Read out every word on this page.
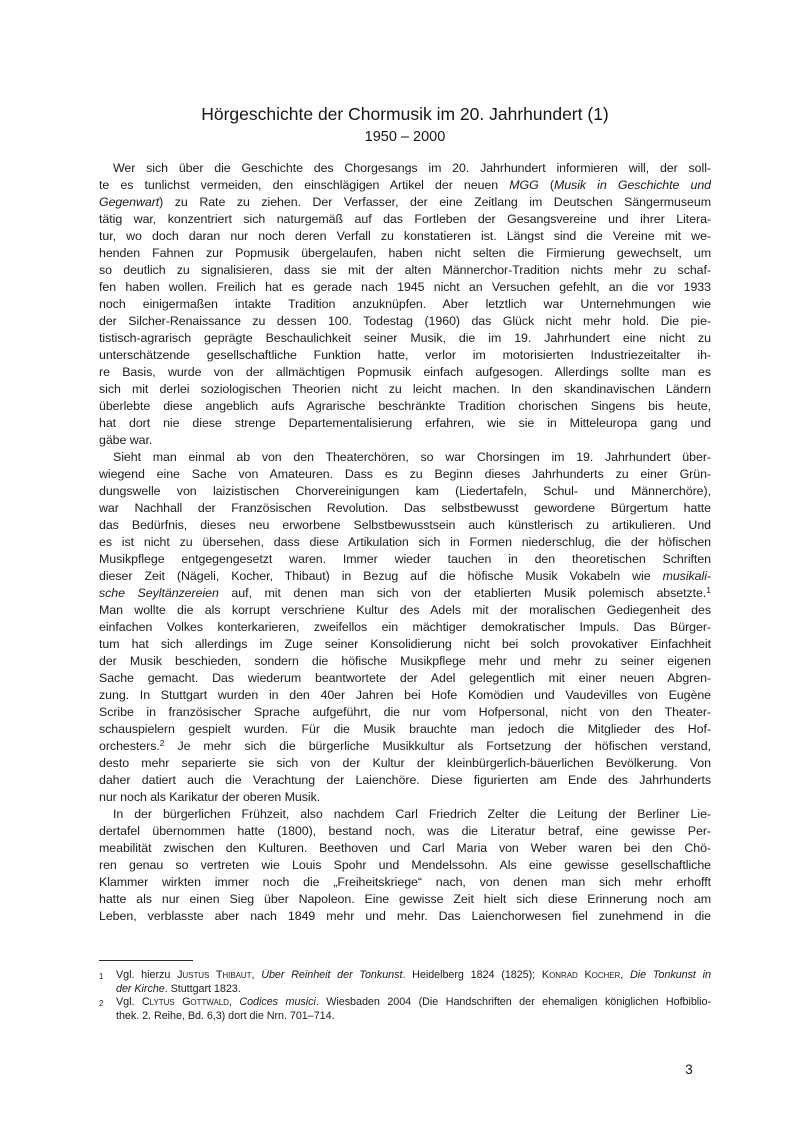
Hörgeschichte der Chormusik im 20. Jahrhundert (1)
1950 – 2000
Wer sich über die Geschichte des Chorgesangs im 20. Jahrhundert informieren will, der soll-
te es tunlichst vermeiden, den einschlägigen Artikel der neuen MGG (Musik in Geschichte und
Gegenwart) zu Rate zu ziehen. Der Verfasser, der eine Zeitlang im Deutschen Sängermuseum
tätig war, konzentriert sich naturgemäß auf das Fortleben der Gesangsvereine und ihrer Litera-
tur, wo doch daran nur noch deren Verfall zu konstatieren ist. Längst sind die Vereine mit we-
henden Fahnen zur Popmusik übergelaufen, haben nicht selten die Firmierung gewechselt, um
so deutlich zu signalisieren, dass sie mit der alten Männerchor-Tradition nichts mehr zu schaf-
fen haben wollen. Freilich hat es gerade nach 1945 nicht an Versuchen gefehlt, an die vor 1933
noch einigermaßen intakte Tradition anzuknüpfen. Aber letztlich war Unternehmungen wie
der Silcher-Renaissance zu dessen 100. Todestag (1960) das Glück nicht mehr hold. Die pie-
tistisch-agrarisch geprägte Beschaulichkeit seiner Musik, die im 19. Jahrhundert eine nicht zu
unterschätzende gesellschaftliche Funktion hatte, verlor im motorisierten Industriezeitalter ih-
re Basis, wurde von der allmächtigen Popmusik einfach aufgesogen. Allerdings sollte man es
sich mit derlei soziologischen Theorien nicht zu leicht machen. In den skandinavischen Ländern
überlebte diese angeblich aufs Agrarische beschränkte Tradition chorischen Singens bis heute,
hat dort nie diese strenge Departementalisierung erfahren, wie sie in Mitteleuropa gang und
gäbe war.
Sieht man einmal ab von den Theaterchören, so war Chorsingen im 19. Jahrhundert über-
wiegend eine Sache von Amateuren. Dass es zu Beginn dieses Jahrhunderts zu einer Grün-
dungswelle von laizistischen Chorvereinigungen kam (Liedertafeln, Schul- und Männerchöre),
war Nachhall der Französischen Revolution. Das selbstbewusst gewordene Bürgertum hatte
das Bedürfnis, dieses neu erworbene Selbstbewusstsein auch künstlerisch zu artikulieren. Und
es ist nicht zu übersehen, dass diese Artikulation sich in Formen niederschlug, die der höfischen
Musikpflege entgegengesetzt waren. Immer wieder tauchen in den theoretischen Schriften
dieser Zeit (Nägeli, Kocher, Thibaut) in Bezug auf die höfische Musik Vokabeln wie musikali-
sche Seyltänzereien auf, mit denen man sich von der etablierten Musik polemisch absetzte.$^1$
Man wollte die als korrupt verschriene Kultur des Adels mit der moralischen Gediegenheit des
einfachen Volkes konterkarieren, zweifellos ein mächtiger demokratischer Impuls. Das Bürger-
tum hat sich allerdings im Zuge seiner Konsolidierung nicht bei solch provokativer Einfachheit
der Musik beschieden, sondern die höfische Musikpflege mehr und mehr zu seiner eigenen
Sache gemacht. Das wiederum beantwortete der Adel gelegentlich mit einer neuen Abgren-
zung. In Stuttgart wurden in den 40er Jahren bei Hofe Komödien und Vaudevilles von Eugène
Scribe in französischer Sprache aufgeführt, die nur vom Hofpersonal, nicht von den Theater-
schauspielern gespielt wurden. Für die Musik brauchte man jedoch die Mitglieder des Hof-
orchesters.$^2$ Je mehr sich die bürgerliche Musikkultur als Fortsetzung der höfischen verstand,
desto mehr separierte sie sich von der Kultur der kleinbürgerlich-bäuerlichen Bevölkerung. Von
daher datiert auch die Verachtung der Laienchöre. Diese figurierten am Ende des Jahrhunderts
nur noch als Karikatur der oberen Musik.
In der bürgerlichen Frühzeit, also nachdem Carl Friedrich Zelter die Leitung der Berliner Lie-
dertafel übernommen hatte (1800), bestand noch, was die Literatur betraf, eine gewisse Per-
meabilität zwischen den Kulturen. Beethoven und Carl Maria von Weber waren bei den Chö-
ren genau so vertreten wie Louis Spohr und Mendelssohn. Als eine gewisse gesellschaftliche
Klammer wirkten immer noch die „Freiheitskriege“ nach, von denen man sich mehr erhofft
hatte als nur einen Sieg über Napoleon. Eine gewisse Zeit hielt sich diese Erinnerung noch am
Leben, verblasste aber nach 1849 mehr und mehr. Das Laienchorwesen fiel zunehmend in die
1	Vgl. hierzu Justus Thibaut, Über Reinheit der Tonkunst. Heidelberg 1824 (1825); Konrad Kocher, Die Tonkunst in
der Kirche. Stuttgart 1823.
2	Vgl. Clytus Gottwald, Codices musici. Wiesbaden 2004 (Die Handschriften der ehemaligen königlichen Hofbiblio-
thek. 2. Reihe, Bd. 6,3) dort die Nrn. 701–714.
3
